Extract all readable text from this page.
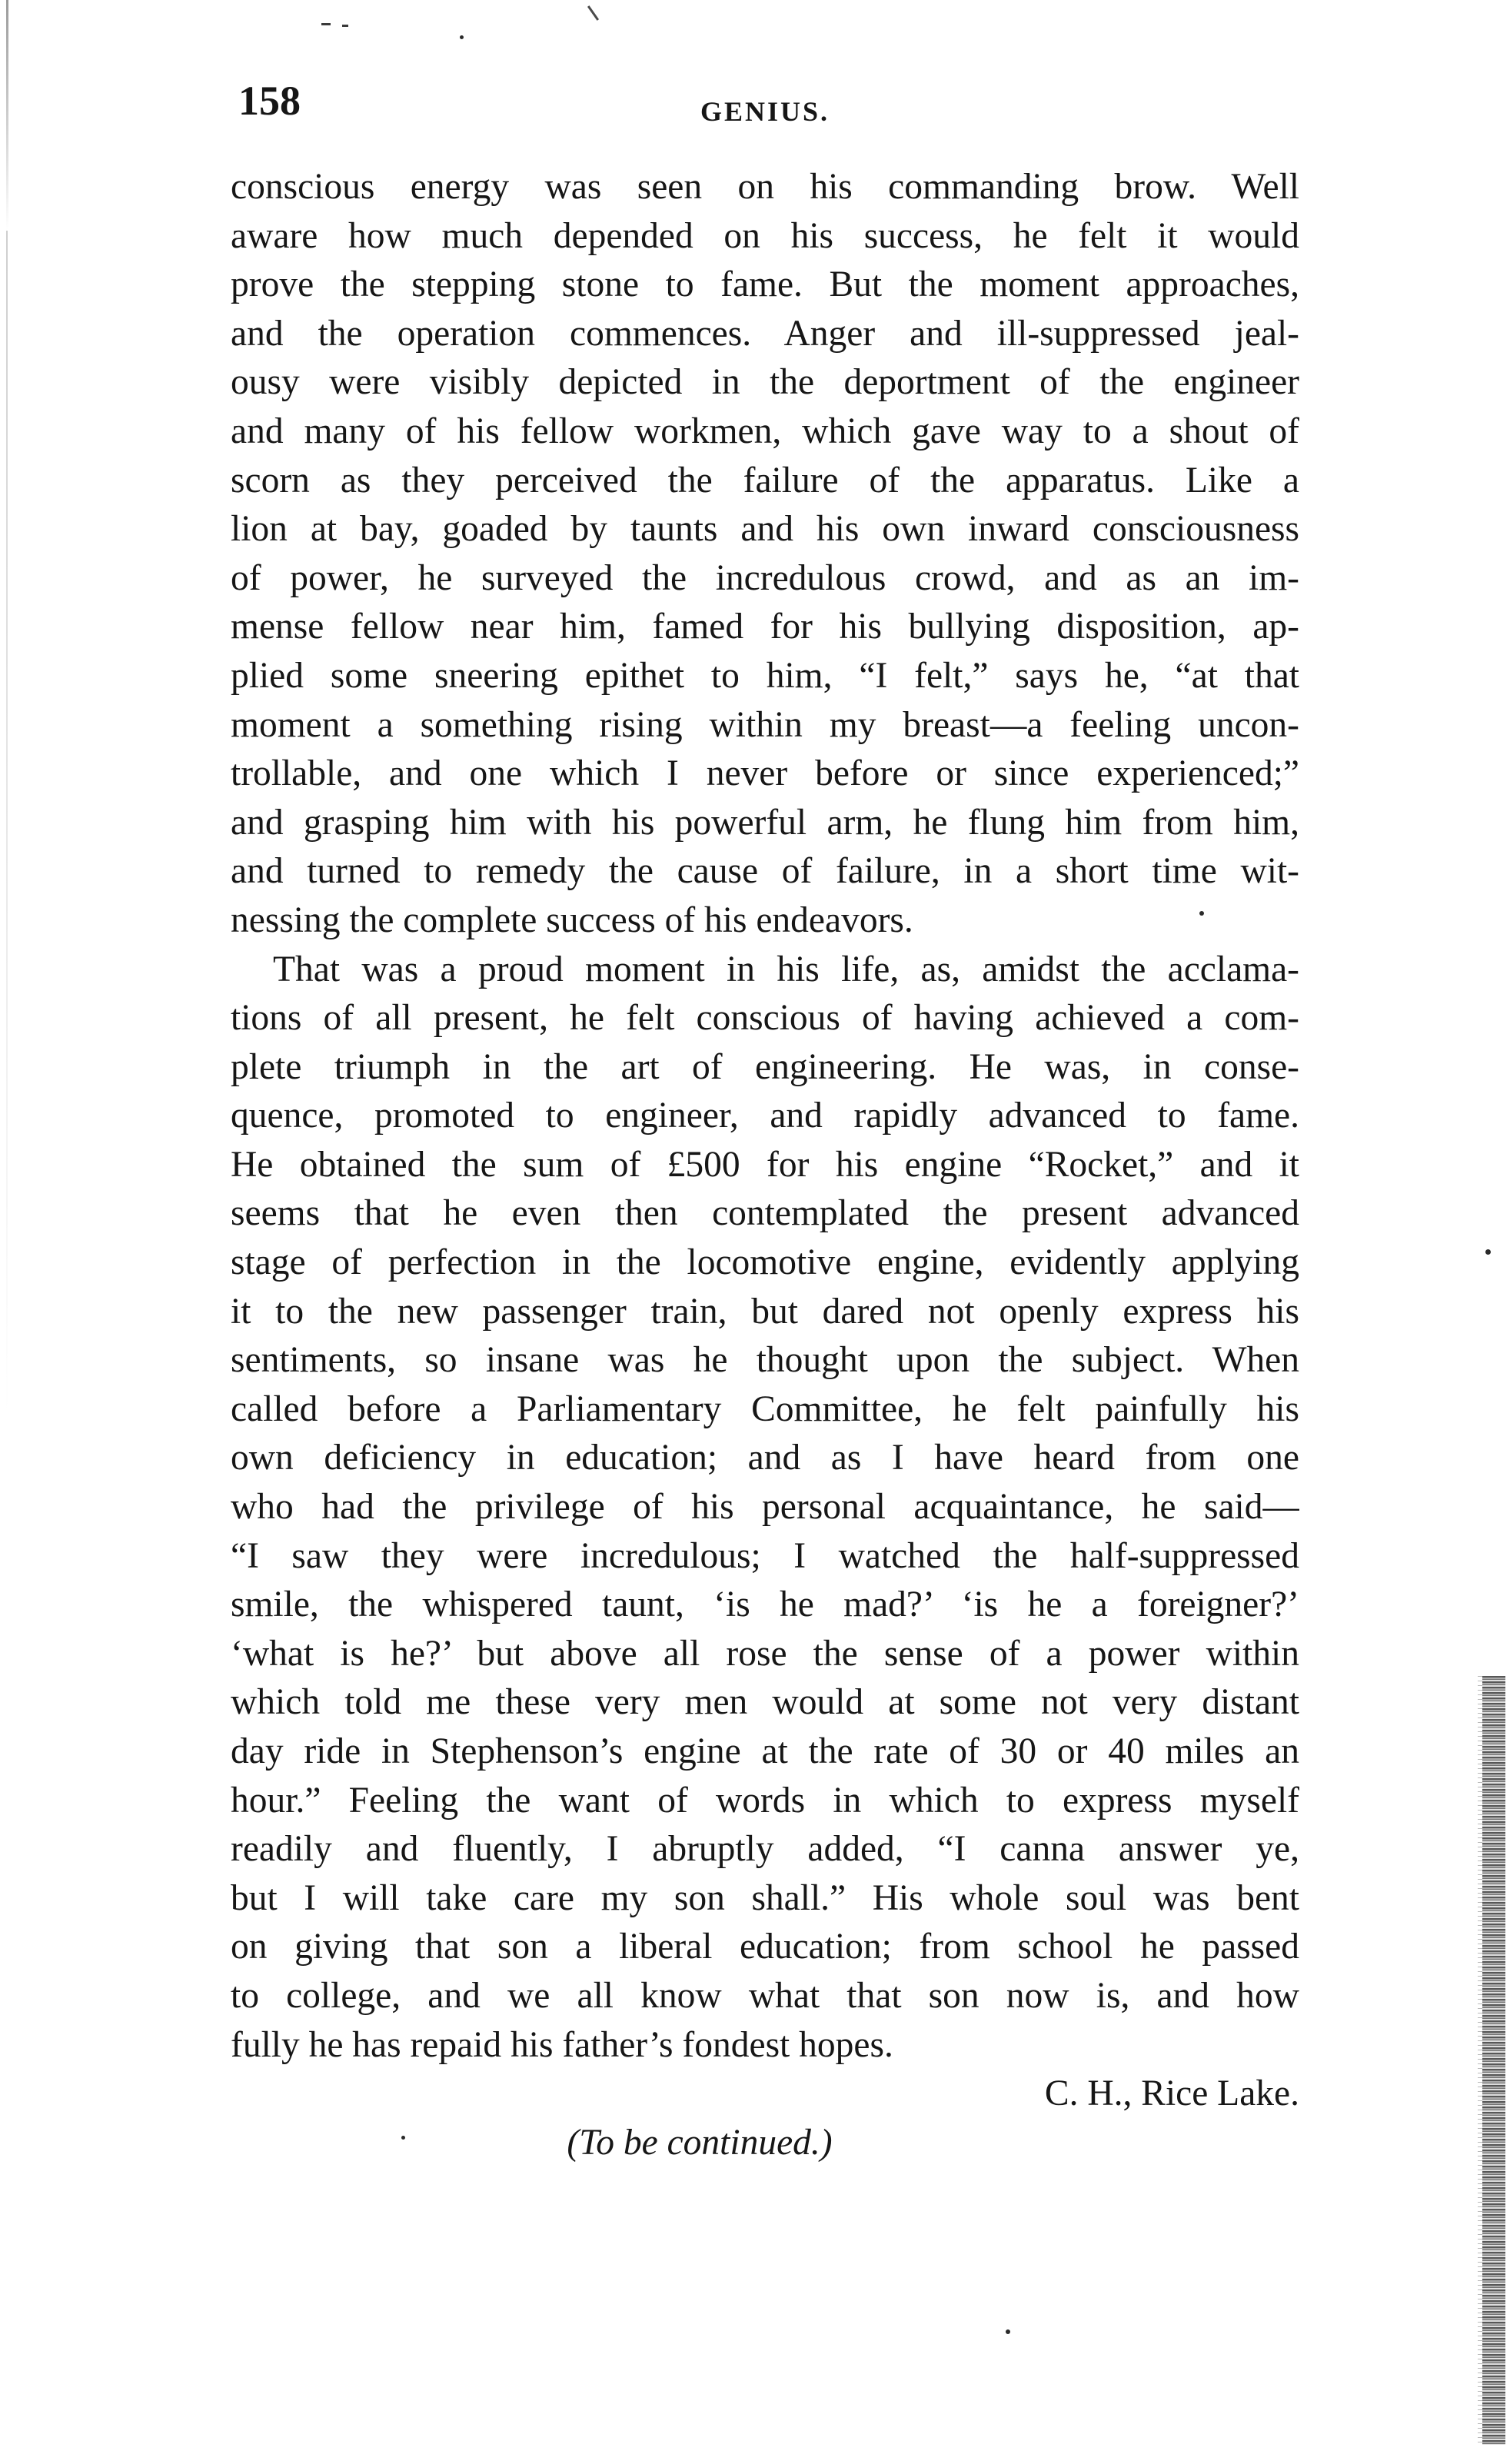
158	GENIUS.
conscious energy was seen on his commanding brow. Well
aware how much depended on his success, he felt it would
prove the stepping stone to fame. But the moment approaches,
and the operation commences. Anger and ill-suppressed jeal-
ousy were visibly depicted in the deportment of the engineer
and many of his fellow workmen, which gave way to a shout of
scorn as they perceived the failure of the apparatus. Like a
lion at bay, goaded by taunts and his own inward consciousness
of power, he surveyed the incredulous crowd, and as an im-
mense fellow near him, famed for his bullying disposition, ap-
plied some sneering epithet to him, “I felt,” says he, “at that
moment a something rising within my breast—a feeling uncon-
trollable, and one which I never before or since experienced;”
and grasping him with his powerful arm, he flung him from him,
and turned to remedy the cause of failure, in a short time wit-
nessing the complete success of his endeavors.
That was a proud moment in his life, as, amidst the acclama-
tions of all present, he felt conscious of having achieved a com-
plete triumph in the art of engineering. He was, in conse-
quence, promoted to engineer, and rapidly advanced to fame.
He obtained the sum of £500 for his engine “Rocket,” and it
seems that he even then contemplated the present advanced
stage of perfection in the locomotive engine, evidently applying
it to the new passenger train, but dared not openly express his
sentiments, so insane was he thought upon the subject. When
called before a Parliamentary Committee, he felt painfully his
own deficiency in education; and as I have heard from one
who had the privilege of his personal acquaintance, he said—
“I saw they were incredulous; I watched the half-suppressed
smile, the whispered taunt, ‘is he mad?’ ‘is he a foreigner?’
‘what is he?’ but above all rose the sense of a power within
which told me these very men would at some not very distant
day ride in Stephenson’s engine at the rate of 30 or 40 miles an
hour.” Feeling the want of words in which to express myself
readily and fluently, I abruptly added, “I canna answer ye,
but I will take care my son shall.” His whole soul was bent
on giving that son a liberal education; from school he passed
to college, and we all know what that son now is, and how
fully he has repaid his father’s fondest hopes.
C. H., Rice Lake.
(To be continued.)
